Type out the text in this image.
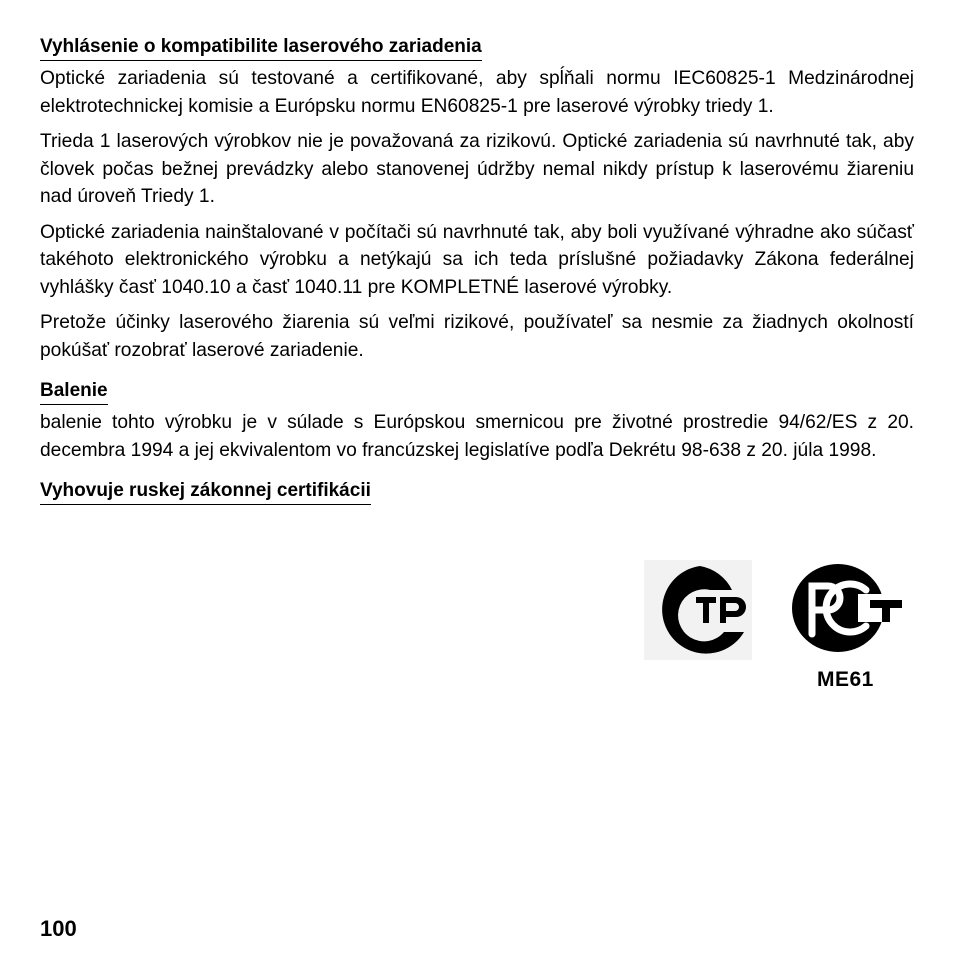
Vyhlásenie o kompatibilite laserového zariadenia

Optické zariadenia sú testované a certifikované, aby spĺňali normu IEC60825-1 Medzinárodnej elektrotechnickej komisie a Európsku normu EN60825-1 pre laserové výrobky triedy 1.

Trieda 1 laserových výrobkov nie je považovaná za rizikovú. Optické zariadenia sú navrhnuté tak, aby človek počas bežnej prevádzky alebo stanovenej údržby nemal nikdy prístup k laserovému žiareniu nad úroveň Triedy 1.

Optické zariadenia nainštalované v počítači sú navrhnuté tak, aby boli využívané výhradne ako súčasť takéhoto elektronického výrobku a netýkajú sa ich teda príslušné požiadavky Zákona federálnej vyhlášky časť 1040.10 a časť 1040.11 pre KOMPLETNÉ laserové výrobky.

Pretože účinky laserového žiarenia sú veľmi rizikové, používateľ sa nesmie za žiadnych okolností pokúšať rozobrať laserové zariadenie.

Balenie

balenie tohto výrobku je v súlade s Európskou smernicou pre životné prostredie 94/62/ES z 20. decembra 1994 a jej ekvivalentom vo francúzskej legislatíve podľa Dekrétu 98-638 z 20. júla 1998.

Vyhovuje ruskej zákonnej certifikácii
ME61
100
